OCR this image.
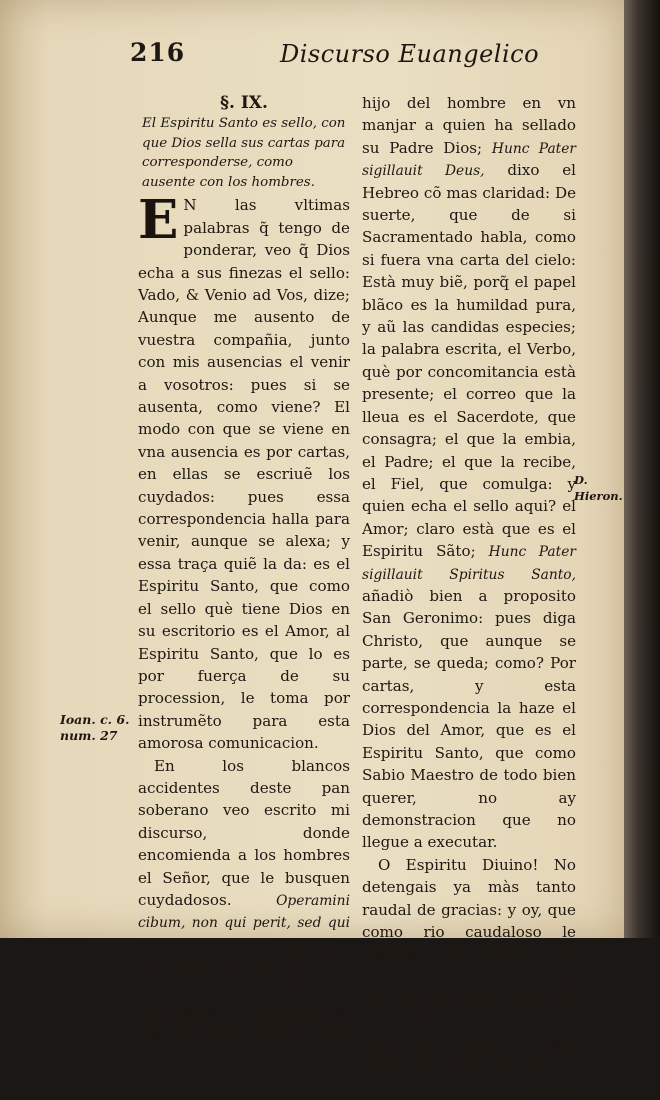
216	Discurso Euangelico
§. IX.
El Espiritu Santo es sello, con que Dios sella sus cartas para corresponderse, como ausente con los hombres.

E N las vltimas palabras q̃ tengo de ponderar, veo q̃ Dios echa a sus finezas el sello: Vado, & Venio ad Vos, dize; Aunque me ausento de vuestra compañia, junto con mis ausencias el venir a vosotros: pues si se ausenta, como viene? El modo con que se viene en vna ausencia es por cartas, en ellas se escriuẽ los cuydados: pues essa correspondencia halla para venir, aunque se alexa; y essa traça quiẽ la da: es el Espiritu Santo, que como el sello què tiene Dios en su escritorio es el Amor, al Espiritu Santo, que lo es por fuerça de su procession, le toma por instrumẽto para esta amorosa comunicacion.

En los blancos accidentes deste pan soberano veo escrito mi discurso, donde encomienda a los hombres el Señor, que le busquen cuydadosos.	Operamini cibum, non qui perit, sed qui permanet in Vitam æternam, hunc Pater signauit Deus.

Buscad comida, dize, no transitoria ni perecedera, sino la eterna, que os darà el

hijo del hombre en vn manjar a quien ha sellado su Padre Dios; Hunc Pater sigillauit Deus, dixo el Hebreo cõ mas claridad: De suerte, que de si Sacramentado habla, como si fuera vna carta del cielo: Està muy biẽ, porq̃ el papel blãco es la humildad pura, y aũ las candidas especies; la palabra escrita, el Verbo, què por concomitancia està presente; el correo que la lleua es el Sacerdote, que consagra; el que la embia, el Padre; el que la recibe, el Fiel, que comulga: y quien echa el sello aqui? el Amor; claro està que es el Espiritu Sãto; Hunc Pater sigillauit Spiritus Santo, añadiò bien a proposito San Geronimo: pues diga Christo, que aunque se parte, se queda; como? Por cartas, y esta correspondencia la haze el Dios del Amor, que es el Espiritu Santo, que como Sabio Maestro de todo bien querer, no ay demonstracion que no llegue a executar.

O Espiritu Diuino! No detengais ya màs tanto raudal de gracias: y oy, que como rio caudaloso le deuertis tan franco, sea para infundirlas en lo coraçon de todos, para que llenos de gracia alcãcen el assistiros entre essos mares de gloria. Ad quã, &c.

DIS-
Ioan. c. 6. num. 27
D. Hieron.
